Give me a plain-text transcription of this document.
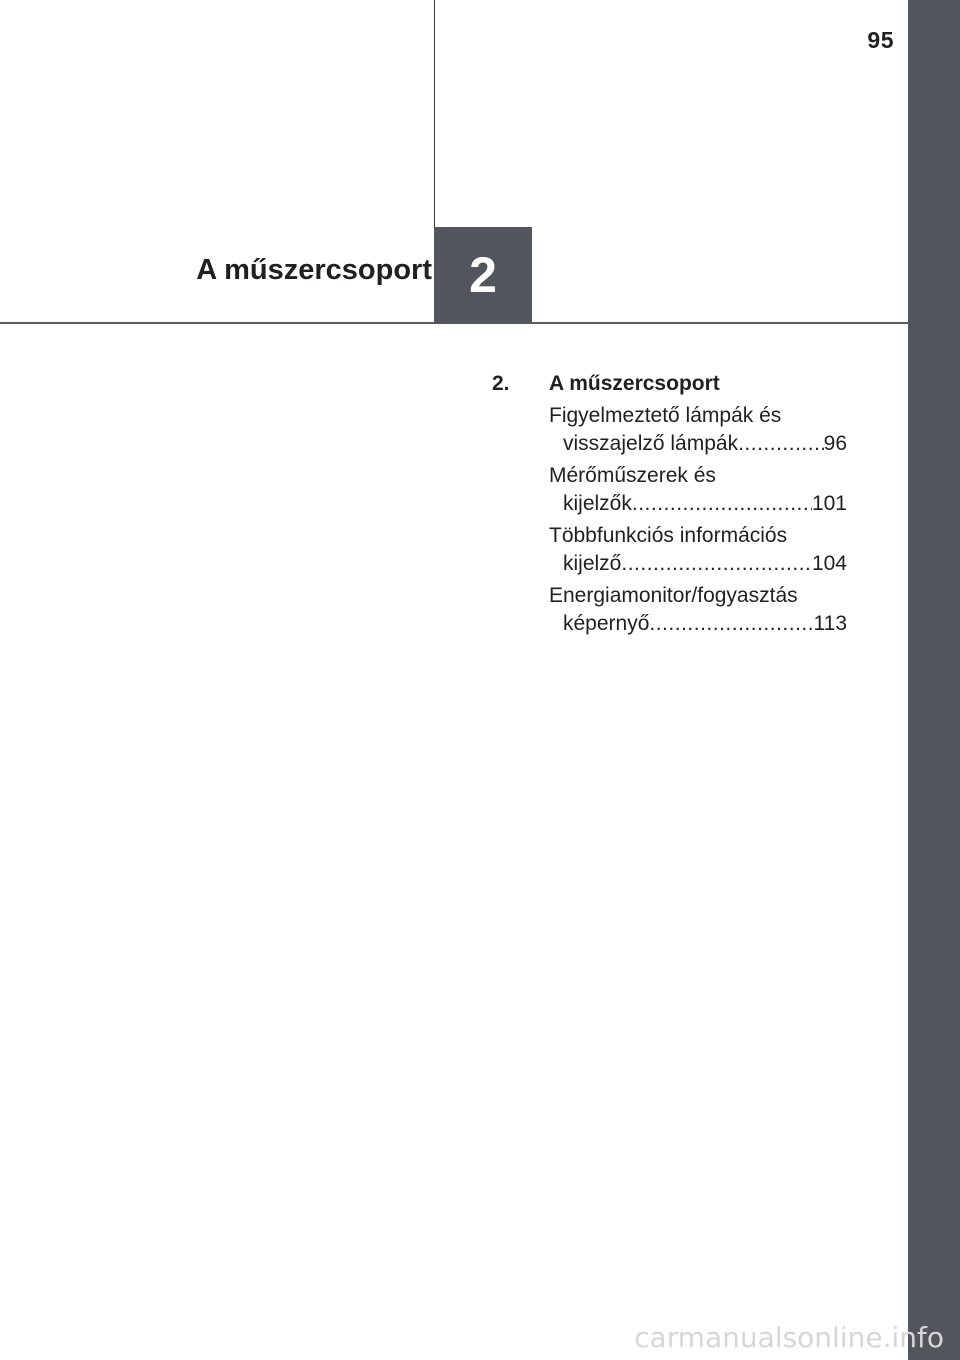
95
A műszercsoport 2
2.	A műszercsoport
Figyelmeztető lámpák és
visszajelző lámpák .....	96
Mérőműszerek és
kijelzők .....	101
Többfunkciós információs
kijelző .....	104
Energiamonitor/fogyasztás
képernyő .....	113
carmanualsonline.info
